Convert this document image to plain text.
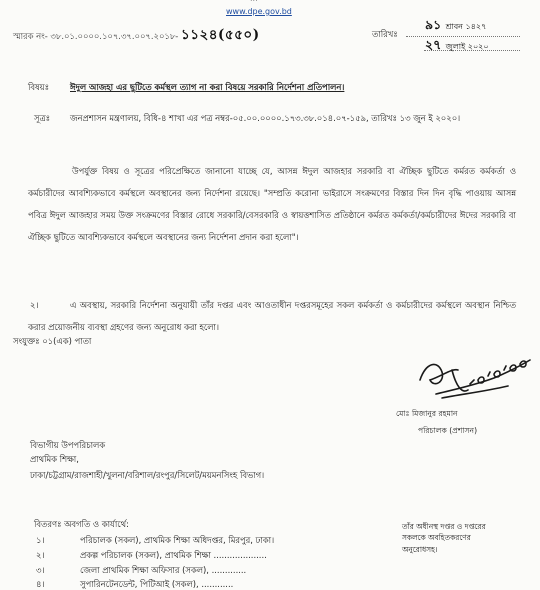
www.dpe.gov.bd
স্মারক নং- ৩৮.০১.০০০০.১০৭.৩৭.০০৭.২০১৮- ১১২৪(৫৫০)	তারিখঃ
৯১ শ্রাবন ১৪২৭
২৭ জুলাই ২০২০
বিষয়ঃ ঈদুল আজহা এর ছুটিতে কর্মস্থল ত্যাগ না করা বিষয়ে সরকারি নির্দেশনা প্রতিপালন।
সূত্রঃ জনপ্রশাসন মন্ত্রণালয়, বিধি-৪ শাখা এর পত্র নম্বর-০৫.০০.০০০০.১৭৩.৩৮.০১৪.০৭-১৫৯, তারিখঃ ১৩ জুন ই ২০২০।
উপর্যুক্ত বিষয় ও সূত্রের পরিপ্রেক্ষিতে জানানো যাচ্ছে যে, আসন্ন ঈদুল আজহার সরকারি বা ঐচ্ছিক ছুটিতে কর্মরত কর্মকর্তা ও কর্মচারীদের আবশ্যিকভাবে কর্মস্থলে অবস্থানের জন্য নির্দেশনা রয়েছে। "সম্প্রতি করোনা ভাইরাসে সংক্রমণের বিস্তার দিন দিন বৃদ্ধি পাওয়ায় আসন্ন পবিত্র ঈদুল আজহার সময় উক্ত সংক্রমণের বিস্তার রোধে সরকারি/বেসরকারি ও স্বায়ত্তশাসিত প্রতিষ্ঠানে কর্মরত কর্মকর্তা/কর্মচারীদের ঈদের সরকারি বা ঐচ্ছিক ছুটিতে আবশ্যিকভাবে কর্মস্থলে অবস্থানের জন্য নির্দেশনা প্রদান করা হলো"।
২।	এ অবস্থায়, সরকারি নির্দেশনা অনুযায়ী তাঁর দপ্তর এবং আওতাধীন দপ্তরসমূহের সকল কর্মকর্তা ও কর্মচারীদের কর্মস্থলে অবস্থান নিশ্চিত করার প্রয়োজনীয় ব্যবস্থা গ্রহণের জন্য অনুরোধ করা হলো।
সংযুক্তঃ ০১(এক) পাতা
মোঃ মিজানুর রহমান
পরিচালক (প্রশাসন)
বিভাগীয় উপপরিচালক
প্রাথমিক শিক্ষা,
ঢাকা/চট্টগ্রাম/রাজশাহী/খুলনা/বরিশাল/রংপুর/সিলেট/ময়মনসিংহ বিভাগ।
বিতরণঃ অবগতি ও কার্যার্থে:
১।	পরিচালক (সকল), প্রাথমিক শিক্ষা অধিদপ্তর, মিরপুর, ঢাকা।
২।	প্রকল্প পরিচালক (সকল), প্রাথমিক শিক্ষা ....................
৩।	জেলা প্রাথমিক শিক্ষা অফিসার (সকল), .............
৪।	সুপারিনটেনডেন্ট, পিটিআই (সকল), ............
তাঁর অধীনস্থ দপ্তর ও দপ্তরের
সকলকে অবহিতকরণের
অনুরোধসহ।
